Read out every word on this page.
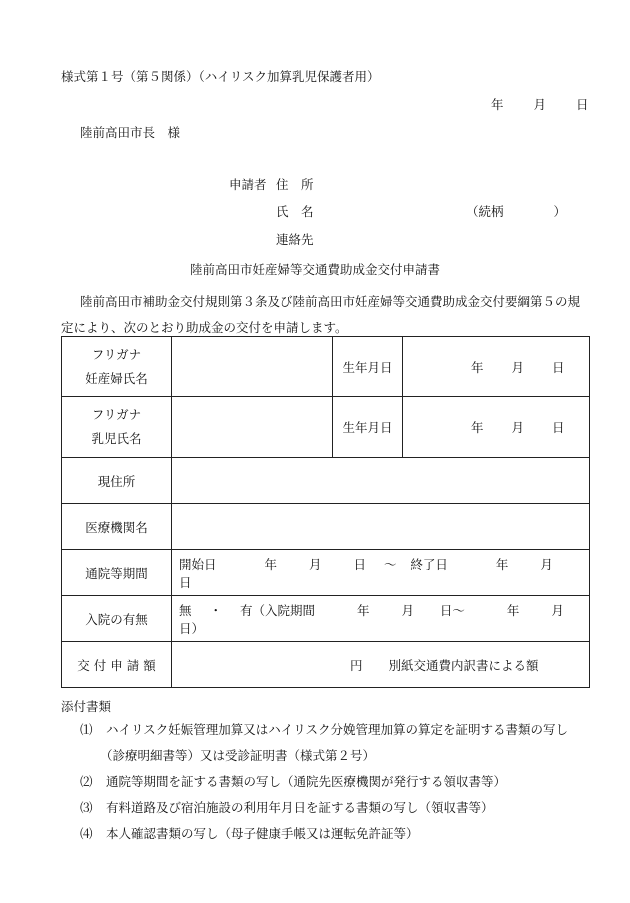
様式第１号（第５関係）（ハイリスク加算乳児保護者用）
年 月 日
陸前高田市長　様
申請者 住　所
氏　名	（続柄　　　　）
連絡先
陸前高田市妊産婦等交通費助成金交付申請書
陸前高田市補助金交付規則第３条及び陸前高田市妊産婦等交通費助成金交付要綱第５の規
定により、次のとおり助成金の交付を申請します。
フリガナ
妊産婦氏名		生年月日	年 月 日

フリガナ
乳児氏名		生年月日	年 月 日
現住所			
医療機関名			
通院等期間	開始日 年 月 日 ～ 終了日 年 月  日		
入院の有無	無 ・ 有（入院期間 年 月 日～ 年 月  日）		
交 付 申 請 額	円 別紙交通費内訳書による額		
添付書類
⑴ ハイリスク妊娠管理加算又はハイリスク分娩管理加算の算定を証明する書類の写し
（診療明細書等）又は受診証明書（様式第２号）
⑵ 通院等期間を証する書類の写し（通院先医療機関が発行する領収書等）
⑶ 有料道路及び宿泊施設の利用年月日を証する書類の写し（領収書等）
⑷ 本人確認書類の写し（母子健康手帳又は運転免許証等）
